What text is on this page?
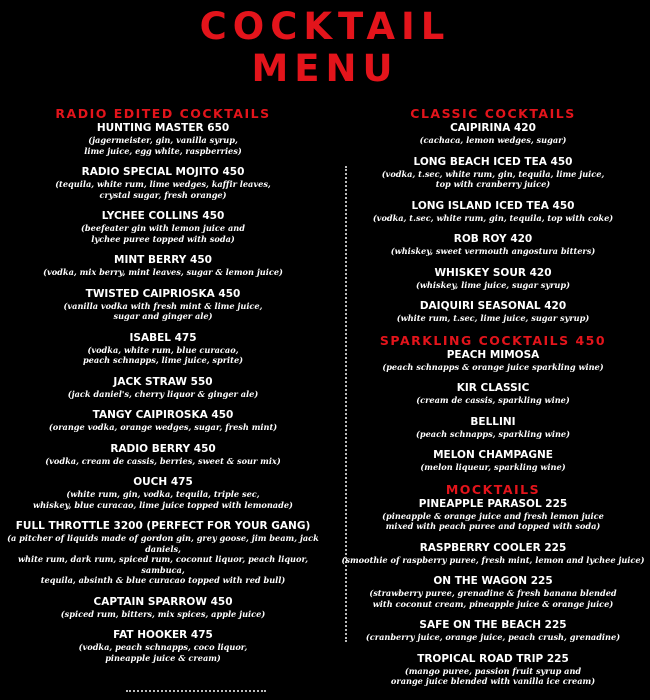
COCKTAIL
MENU
RADIO EDITED COCKTAILS
HUNTING MASTER 650
(jagermeister, gin, vanilla syrup,
lime juice, egg white, raspberries)
RADIO SPECIAL MOJITO 450
(tequila, white rum, lime wedges, kaffir leaves,
crystal sugar, fresh orange)
LYCHEE COLLINS 450
(beefeater gin with lemon juice and
lychee puree topped with soda)
MINT BERRY 450
(vodka, mix berry, mint leaves, sugar & lemon juice)
TWISTED CAIPRIOSKA 450
(vanilla vodka with fresh mint & lime juice,
sugar and ginger ale)
ISABEL 475
(vodka, white rum, blue curacao,
peach schnapps, lime juice, sprite)
JACK STRAW 550
(jack daniel's, cherry liquor & ginger ale)
TANGY CAIPIROSKA 450
(orange vodka, orange wedges, sugar, fresh mint)
RADIO BERRY 450
(vodka, cream de cassis, berries, sweet & sour mix)
OUCH 475
(white rum, gin, vodka, tequila, triple sec,
whiskey, blue curacao, lime juice topped with lemonade)
FULL THROTTLE 3200 (PERFECT FOR YOUR GANG)
(a pitcher of liquids made of gordon gin, grey goose, jim beam, jack daniels,
white rum, dark rum, spiced rum, coconut liquor, peach liquor, sambuca,
tequila, absinth & blue curacao topped with red bull)
CAPTAIN SPARROW 450
(spiced rum, bitters, mix spices, apple juice)
FAT HOOKER 475
(vodka, peach schnapps, coco liquor,
pineapple juice & cream)
CLASSIC COCKTAILS
CAIPIRINA 420
(cachaca, lemon wedges, sugar)
LONG BEACH ICED TEA 450
(vodka, t.sec, white rum, gin, tequila, lime juice,
top with cranberry juice)
LONG ISLAND ICED TEA 450
(vodka, t.sec, white rum, gin, tequila, top with coke)
ROB ROY 420
(whiskey, sweet vermouth angostura bitters)
WHISKEY SOUR 420
(whiskey, lime juice, sugar syrup)
DAIQUIRI SEASONAL 420
(white rum, t.sec, lime juice, sugar syrup)
SPARKLING COCKTAILS 450
PEACH MIMOSA
(peach schnapps & orange juice sparkling wine)
KIR CLASSIC
(cream de cassis, sparkling wine)
BELLINI
(peach schnapps, sparkling wine)
MELON CHAMPAGNE
(melon liqueur, sparkling wine)
MOCKTAILS
PINEAPPLE PARASOL 225
(pineapple & orange juice and fresh lemon juice
mixed with peach puree and topped with soda)
RASPBERRY COOLER 225
(smoothie of raspberry puree, fresh mint, lemon and lychee juice)
ON THE WAGON 225
(strawberry puree, grenadine & fresh banana blended
with coconut cream, pineapple juice & orange juice)
SAFE ON THE BEACH 225
(cranberry juice, orange juice, peach crush, grenadine)
TROPICAL ROAD TRIP 225
(mango puree, passion fruit syrup and
orange juice blended with vanilla ice cream)
